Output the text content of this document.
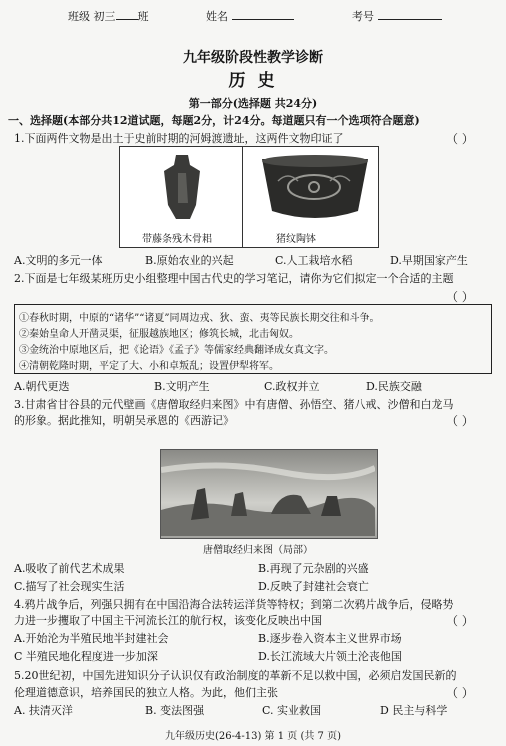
班级 初三 班	姓名	考号
九年级阶段性教学诊断
历 史
第一部分(选择题 共24分)
一、选择题(本部分共12道试题，每题2分，计24分。每道题只有一个选项符合题意)
1.下面两件文物是出土于史前时期的河姆渡遗址，这两件文物印证了	（ ）
带藤条残木骨耜	猪纹陶钵
A.文明的多元一体	B.原始农业的兴起	C.人工栽培水稻	D.早期国家产生
2.下面是七年级某班历史小组整理中国古代史的学习笔记，请你为它们拟定一个合适的主题
（ ）
①春秋时期，中原的“诸华”“诸夏”同周边戎、狄、蛮、夷等民族长期交往和斗争。
②秦始皇命人开凿灵渠，征服越族地区；修筑长城，北击匈奴。
③金统治中原地区后，把《论语》《孟子》等儒家经典翻译成女真文字。
④清朝乾隆时期，平定了大、小和卓叛乱；设置伊犁将军。
A.朝代更迭	B.文明产生	C.政权并立	D.民族交融
3.甘肃省甘谷县的元代壁画《唐僧取经归来图》中有唐僧、孙悟空、猪八戒、沙僧和白龙马
的形象。据此推知，明朝吴承恩的《西游记》	（ ）
唐僧取经归来图（局部）
A.吸收了前代艺术成果	B.再现了元杂剧的兴盛
C.描写了社会现实生活	D.反映了封建社会衰亡
4.鸦片战争后，列强只拥有在中国沿海合法转运洋货等特权；到第二次鸦片战争后，侵略势
力进一步攫取了中国主干河流长江的航行权，该变化反映出中国	（ ）
A.开始沦为半殖民地半封建社会	B.逐步卷入资本主义世界市场
C 半殖民地化程度进一步加深	D.长江流域大片领土沦丧他国
5.20世纪初，中国先进知识分子认识仅有政治制度的革新不足以救中国，必须启发国民新的
伦理道德意识，培养国民的独立人格。为此，他们主张	（ ）
A. 扶清灭洋	B. 变法图强	C. 实业救国	D 民主与科学
九年级历史(26-4-13) 第 1 页 (共 7 页)
